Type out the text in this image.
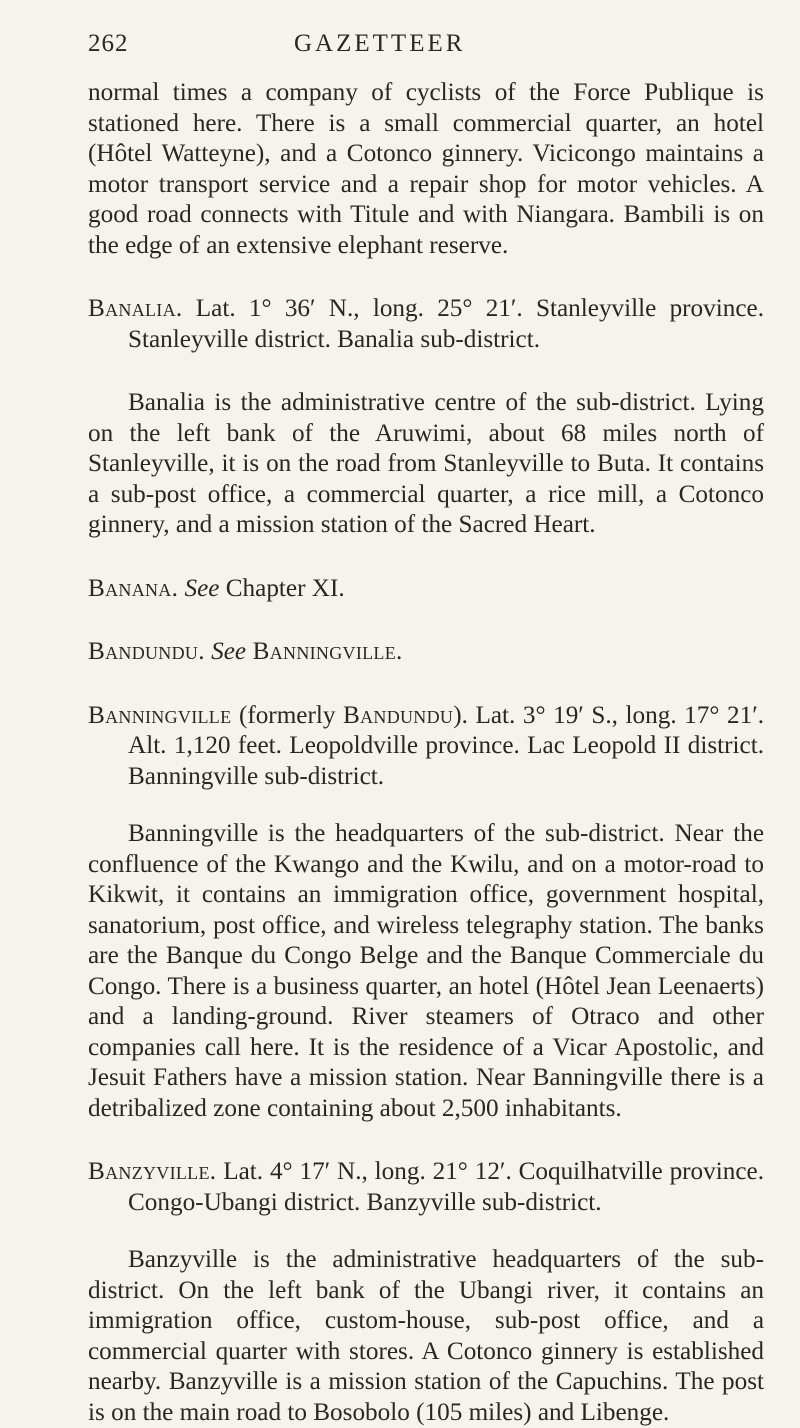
262	GAZETTEER

normal times a company of cyclists of the Force Publique is stationed here. There is a small commercial quarter, an hotel (Hôtel Watteyne), and a Cotonco ginnery. Vicicongo maintains a motor transport service and a repair shop for motor vehicles. A good road connects with Titule and with Niangara. Bambili is on the edge of an extensive elephant reserve.

Banalia. Lat. 1° 36′ N., long. 25° 21′. Stanleyville province. Stanleyville district. Banalia sub-district.

Banalia is the administrative centre of the sub-district. Lying on the left bank of the Aruwimi, about 68 miles north of Stanleyville, it is on the road from Stanleyville to Buta. It contains a sub-post office, a commercial quarter, a rice mill, a Cotonco ginnery, and a mission station of the Sacred Heart.

Banana. See Chapter XI.

Bandundu. See Banningville.

Banningville (formerly Bandundu). Lat. 3° 19′ S., long. 17° 21′. Alt. 1,120 feet. Leopoldville province. Lac Leopold II district. Banningville sub-district.

Banningville is the headquarters of the sub-district. Near the confluence of the Kwango and the Kwilu, and on a motor-road to Kikwit, it contains an immigration office, government hospital, sanatorium, post office, and wireless telegraphy station. The banks are the Banque du Congo Belge and the Banque Commerciale du Congo. There is a business quarter, an hotel (Hôtel Jean Leenaerts) and a landing-ground. River steamers of Otraco and other companies call here. It is the residence of a Vicar Apostolic, and Jesuit Fathers have a mission station. Near Banningville there is a detribalized zone containing about 2,500 inhabitants.

Banzyville. Lat. 4° 17′ N., long. 21° 12′. Coquilhatville province. Congo-Ubangi district. Banzyville sub-district.

Banzyville is the administrative headquarters of the sub-district. On the left bank of the Ubangi river, it contains an immigration office, custom-house, sub-post office, and a commercial quarter with stores. A Cotonco ginnery is established nearby. Banzyville is a mission station of the Capuchins. The post is on the main road to Bosobolo (105 miles) and Libenge.
